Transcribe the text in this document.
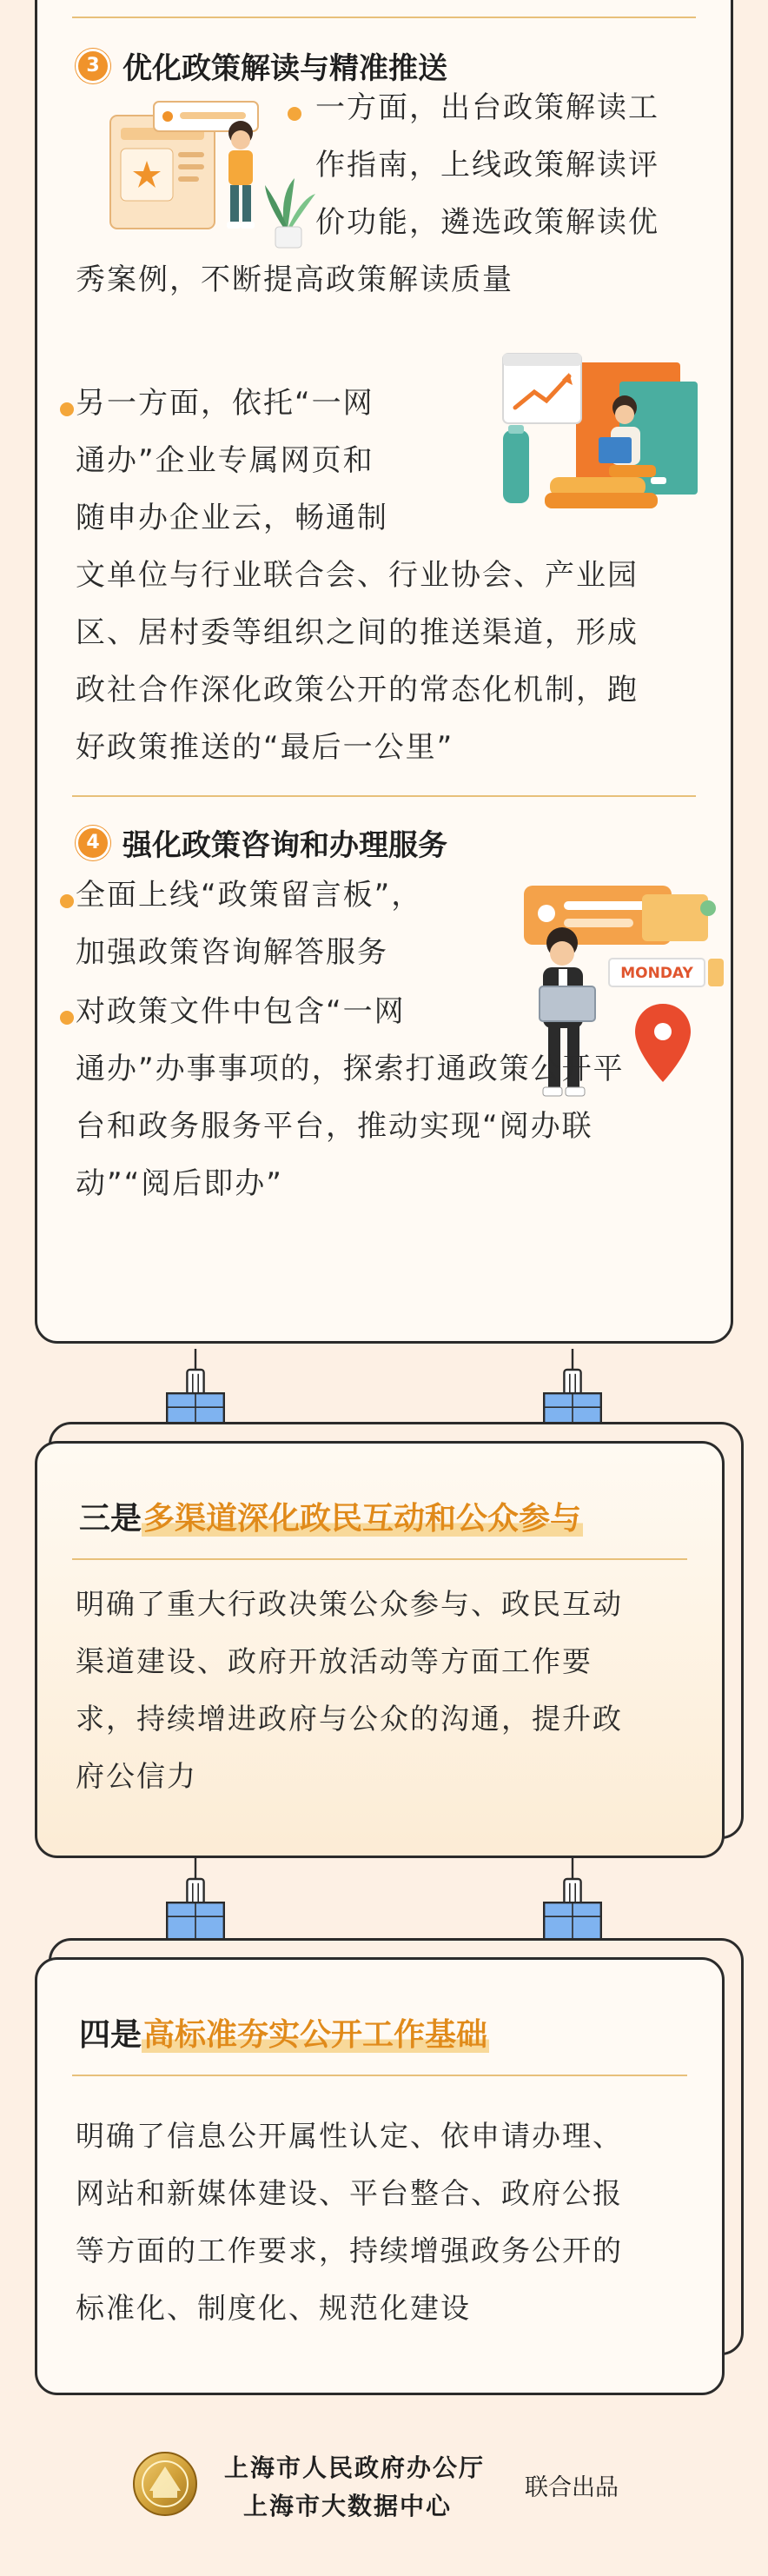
3 优化政策解读与精准推送
一方面，出台政策解读工
作指南，上线政策解读评
价功能，遴选政策解读优
秀案例，不断提高政策解读质量
另一方面，依托“一网
通办”企业专属网页和
随申办企业云，畅通制
文单位与行业联合会、行业协会、产业园
区、居村委等组织之间的推送渠道，形成
政社合作深化政策公开的常态化机制，跑
好政策推送的“最后一公里”
4 强化政策咨询和办理服务
MONDAY
全面上线“政策留言板”，
加强政策咨询解答服务
对政策文件中包含“一网
通办”办事事项的，探索打通政策公开平
台和政务服务平台，推动实现“阅办联
动”“阅后即办”
三是多渠道深化政民互动和公众参与
明确了重大行政决策公众参与、政民互动
渠道建设、政府开放活动等方面工作要
求，持续增进政府与公众的沟通，提升政
府公信力
四是高标准夯实公开工作基础
明确了信息公开属性认定、依申请办理、
网站和新媒体建设、平台整合、政府公报
等方面的工作要求，持续增强政务公开的
标准化、制度化、规范化建设
上海市人民政府办公厅
上海市大数据中心
联合出品
